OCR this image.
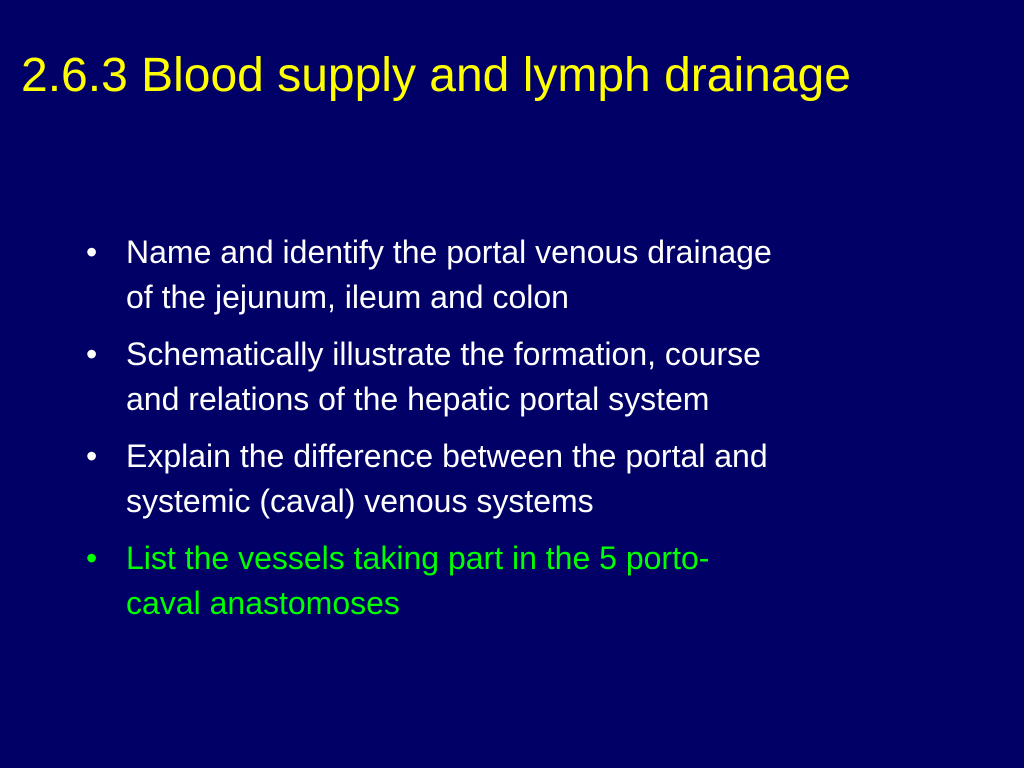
2.6.3 Blood supply and lymph drainage
• Name and identify the portal venous drainage
of the jejunum, ileum and colon
• Schematically illustrate the formation, course
and relations of the hepatic portal system
• Explain the difference between the portal and
systemic (caval) venous systems
• List the vessels taking part in the 5 porto-
caval anastomoses
